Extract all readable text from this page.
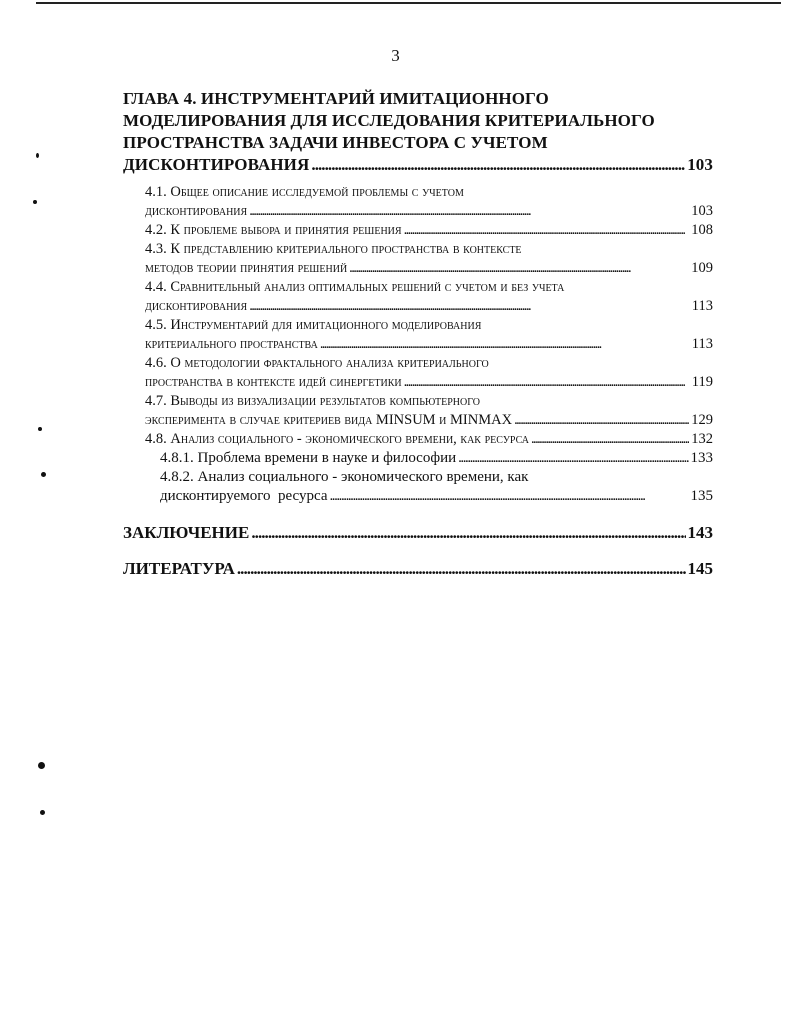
3
ГЛАВА 4. ИНСТРУМЕНТАРИЙ ИМИТАЦИОННОГО
МОДЕЛИРОВАНИЯ ДЛЯ ИССЛЕДОВАНИЯ КРИТЕРИАЛЬНОГО
ПРОСТРАНСТВА ЗАДАЧИ ИНВЕСТОРА С УЧЕТОМ
ДИСКОНТИРОВАНИЯ . . .	103
4.1. Общее описание исследуемой проблемы с учетом
дисконтирования . . .	103
4.2. К проблеме выбора и принятия решения . . .	108
4.3. К представлению критериального пространства в контексте
методов теории принятия решений . . .	109
4.4. Сравнительный анализ оптимальных решений с учетом и без учета
дисконтирования . . .	113
4.5. Инструментарий для имитационного моделирования
критериального пространства . . .	113
4.6. О методологии фрактального анализа критериального
пространства в контексте идей синергетики . . .	119
4.7. Выводы из визуализации результатов компьютерного
эксперимента в случае критериев вида MINSUM и MINMAX . . .	129
4.8. Анализ социального - экономического времени, как ресурса . . .	132
4.8.1. Проблема времени в науке и философии . . .	133
4.8.2. Анализ социального - экономического времени, как
дисконтируемого  ресурса . . .	135
ЗАКЛЮЧЕНИЕ . . .	143
ЛИТЕРАТУРА . . .	145
